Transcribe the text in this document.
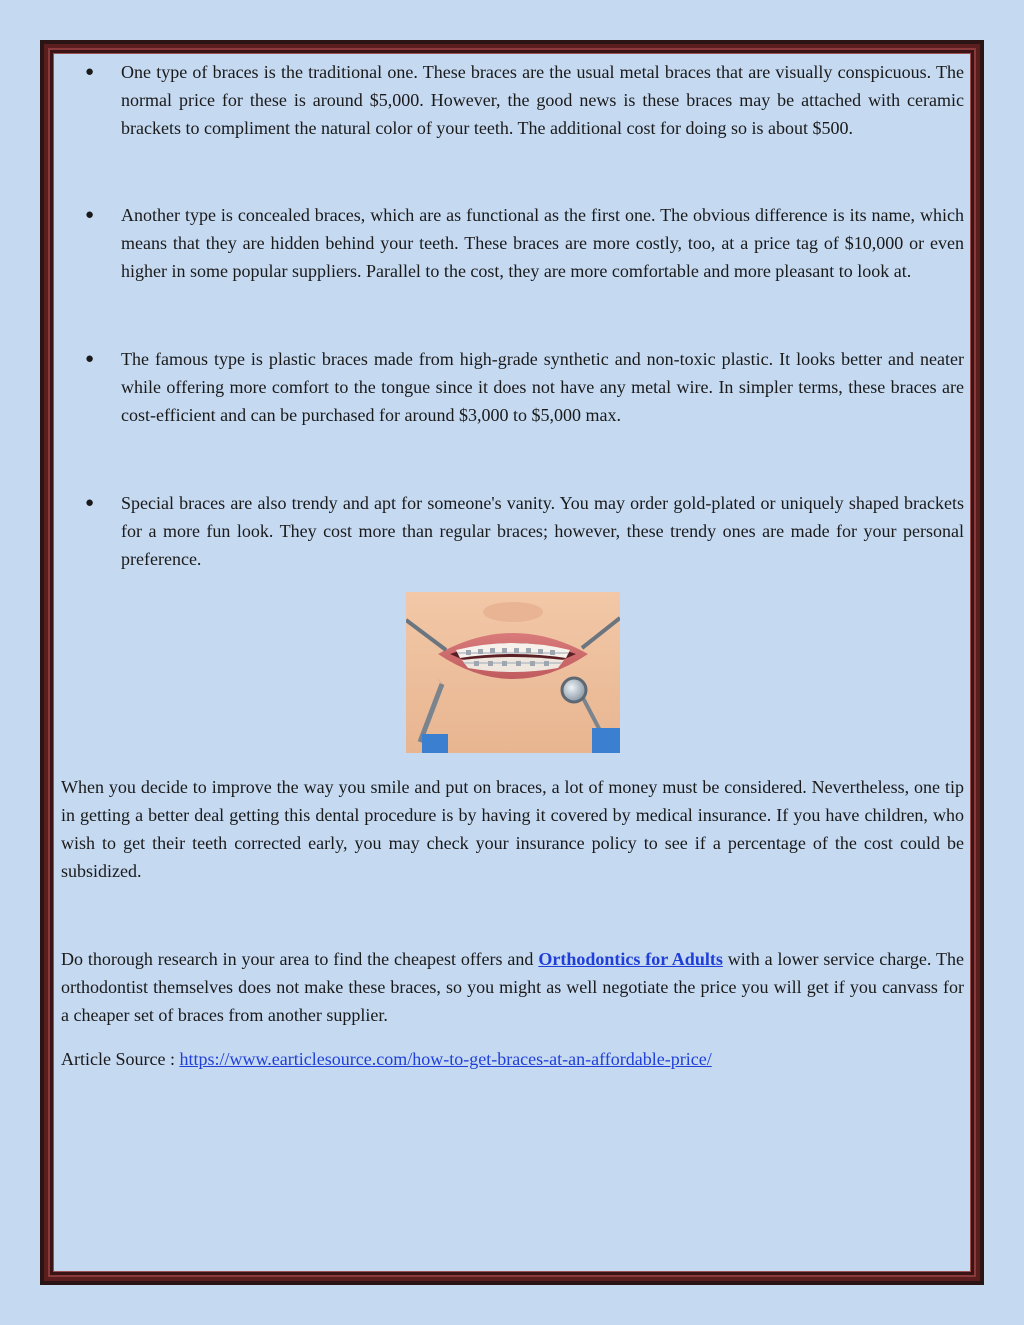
● One type of braces is the traditional one. These braces are the usual metal braces that are visually conspicuous. The normal price for these is around $5,000. However, the good news is these braces may be attached with ceramic brackets to compliment the natural color of your teeth. The additional cost for doing so is about $500.
● Another type is concealed braces, which are as functional as the first one. The obvious difference is its name, which means that they are hidden behind your teeth. These braces are more costly, too, at a price tag of $10,000 or even higher in some popular suppliers. Parallel to the cost, they are more comfortable and more pleasant to look at.
● The famous type is plastic braces made from high-grade synthetic and non-toxic plastic. It looks better and neater while offering more comfort to the tongue since it does not have any metal wire. In simpler terms, these braces are cost-efficient and can be purchased for around $3,000 to $5,000 max.
● Special braces are also trendy and apt for someone's vanity. You may order gold-plated or uniquely shaped brackets for a more fun look. They cost more than regular braces; however, these trendy ones are made for your personal preference.
When you decide to improve the way you smile and put on braces, a lot of money must be considered. Nevertheless, one tip in getting a better deal getting this dental procedure is by having it covered by medical insurance. If you have children, who wish to get their teeth corrected early, you may check your insurance policy to see if a percentage of the cost could be subsidized.
Do thorough research in your area to find the cheapest offers and Orthodontics for Adults with a lower service charge. The orthodontist themselves does not make these braces, so you might as well negotiate the price you will get if you canvass for a cheaper set of braces from another supplier.
Article Source : https://www.earticlesource.com/how-to-get-braces-at-an-affordable-price/
